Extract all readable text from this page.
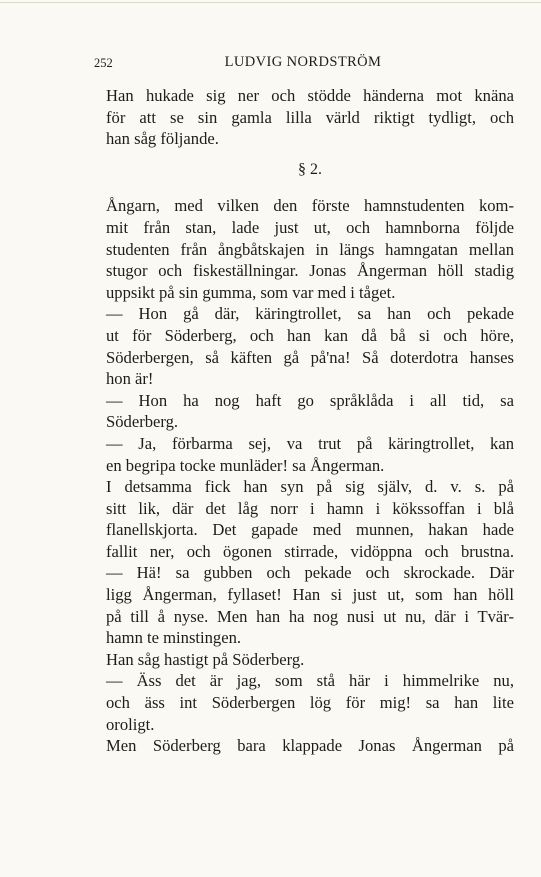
252	LUDVIG NORDSTRÖM
Han hukade sig ner och stödde händerna mot knäna
för att se sin gamla lilla värld riktigt tydligt, och
han såg följande.
§ 2.
Ångarn, med vilken den förste hamnstudenten kom-
mit från stan, lade just ut, och hamnborna följde
studenten från ångbåtskajen in längs hamngatan mellan
stugor och fiskeställningar. Jonas Ångerman höll stadig
uppsikt på sin gumma, som var med i tåget.
— Hon gå där, käringtrollet, sa han och pekade
ut för Söderberg, och han kan då bå si och höre,
Söderbergen, så käften gå på'na! Så doterdotra hanses
hon är!
— Hon ha nog haft go språklåda i all tid, sa
Söderberg.
— Ja, förbarma sej, va trut på käringtrollet, kan
en begripa tocke munläder! sa Ångerman.
I detsamma fick han syn på sig själv, d. v. s. på
sitt lik, där det låg norr i hamn i kökssoffan i blå
flanellskjorta. Det gapade med munnen, hakan hade
fallit ner, och ögonen stirrade, vidöppna och brustna.
— Hä! sa gubben och pekade och skrockade. Där
ligg Ångerman, fyllaset! Han si just ut, som han höll
på till å nyse. Men han ha nog nusi ut nu, där i Tvär-
hamn te minstingen.
Han såg hastigt på Söderberg.
— Äss det är jag, som stå här i himmelrike nu,
och äss int Söderbergen lög för mig! sa han lite
oroligt.
Men Söderberg bara klappade Jonas Ångerman på
